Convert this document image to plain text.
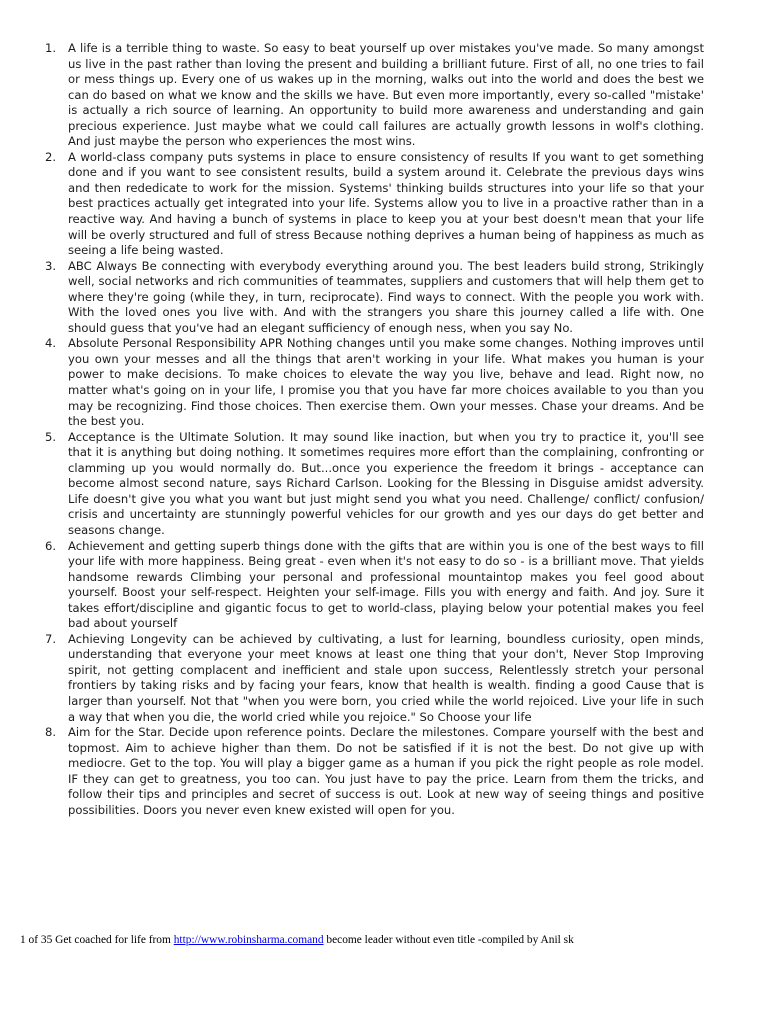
1. A life is a terrible thing to waste. So easy to beat yourself up over mistakes you've made. So many amongst us live in the past rather than loving the present and building a brilliant future. First of all, no one tries to fail or mess things up. Every one of us wakes up in the morning, walks out into the world and does the best we can do based on what we know and the skills we have. But even more importantly, every so-called "mistake' is actually a rich source of learning. An opportunity to build more awareness and understanding and gain precious experience. Just maybe what we could call failures are actually growth lessons in wolf's clothing. And just maybe the person who experiences the most wins.
2. A world-class company puts systems in place to ensure consistency of results If you want to get something done and if you want to see consistent results, build a system around it. Celebrate the previous days wins and then rededicate to work for the mission. Systems' thinking builds structures into your life so that your best practices actually get integrated into your life. Systems allow you to live in a proactive rather than in a reactive way. And having a bunch of systems in place to keep you at your best doesn't mean that your life will be overly structured and full of stress Because nothing deprives a human being of happiness as much as seeing a life being wasted.
3. ABC Always Be connecting with everybody everything around you. The best leaders build strong, Strikingly well, social networks and rich communities of teammates, suppliers and customers that will help them get to where they're going (while they, in turn, reciprocate). Find ways to connect. With the people you work with. With the loved ones you live with. And with the strangers you share this journey called a life with. One should guess that you've had an elegant sufficiency of enough ness, when you say No.
4. Absolute Personal Responsibility APR Nothing changes until you make some changes. Nothing improves until you own your messes and all the things that aren't working in your life. What makes you human is your power to make decisions. To make choices to elevate the way you live, behave and lead. Right now, no matter what's going on in your life, I promise you that you have far more choices available to you than you may be recognizing. Find those choices. Then exercise them. Own your messes. Chase your dreams. And be the best you.
5. Acceptance is the Ultimate Solution. It may sound like inaction, but when you try to practice it, you'll see that it is anything but doing nothing. It sometimes requires more effort than the complaining, confronting or clamming up you would normally do. But...once you experience the freedom it brings - acceptance can become almost second nature, says Richard Carlson. Looking for the Blessing in Disguise amidst adversity. Life doesn't give you what you want but just might send you what you need. Challenge/ conflict/ confusion/ crisis and uncertainty are stunningly powerful vehicles for our growth and yes our days do get better and seasons change.
6. Achievement and getting superb things done with the gifts that are within you is one of the best ways to fill your life with more happiness. Being great - even when it's not easy to do so - is a brilliant move. That yields handsome rewards Climbing your personal and professional mountaintop makes you feel good about yourself. Boost your self-respect. Heighten your self-image. Fills you with energy and faith. And joy. Sure it takes effort/discipline and gigantic focus to get to world-class, playing below your potential makes you feel bad about yourself
7. Achieving Longevity can be achieved by cultivating, a lust for learning, boundless curiosity, open minds, understanding that everyone your meet knows at least one thing that your don't, Never Stop Improving spirit, not getting complacent and inefficient and stale upon success, Relentlessly stretch your personal frontiers by taking risks and by facing your fears, know that health is wealth. finding a good Cause that is larger than yourself. Not that "when you were born, you cried while the world rejoiced. Live your life in such a way that when you die, the world cried while you rejoice." So Choose your life
8. Aim for the Star. Decide upon reference points. Declare the milestones. Compare yourself with the best and topmost. Aim to achieve higher than them. Do not be satisfied if it is not the best. Do not give up with mediocre. Get to the top. You will play a bigger game as a human if you pick the right people as role model. IF they can get to greatness, you too can. You just have to pay the price. Learn from them the tricks, and follow their tips and principles and secret of success is out. Look at new way of seeing things and positive possibilities. Doors you never even knew existed will open for you.
1 of 35 Get coached for life from http://www.robinsharma.comand become leader without even title -compiled by Anil sk
